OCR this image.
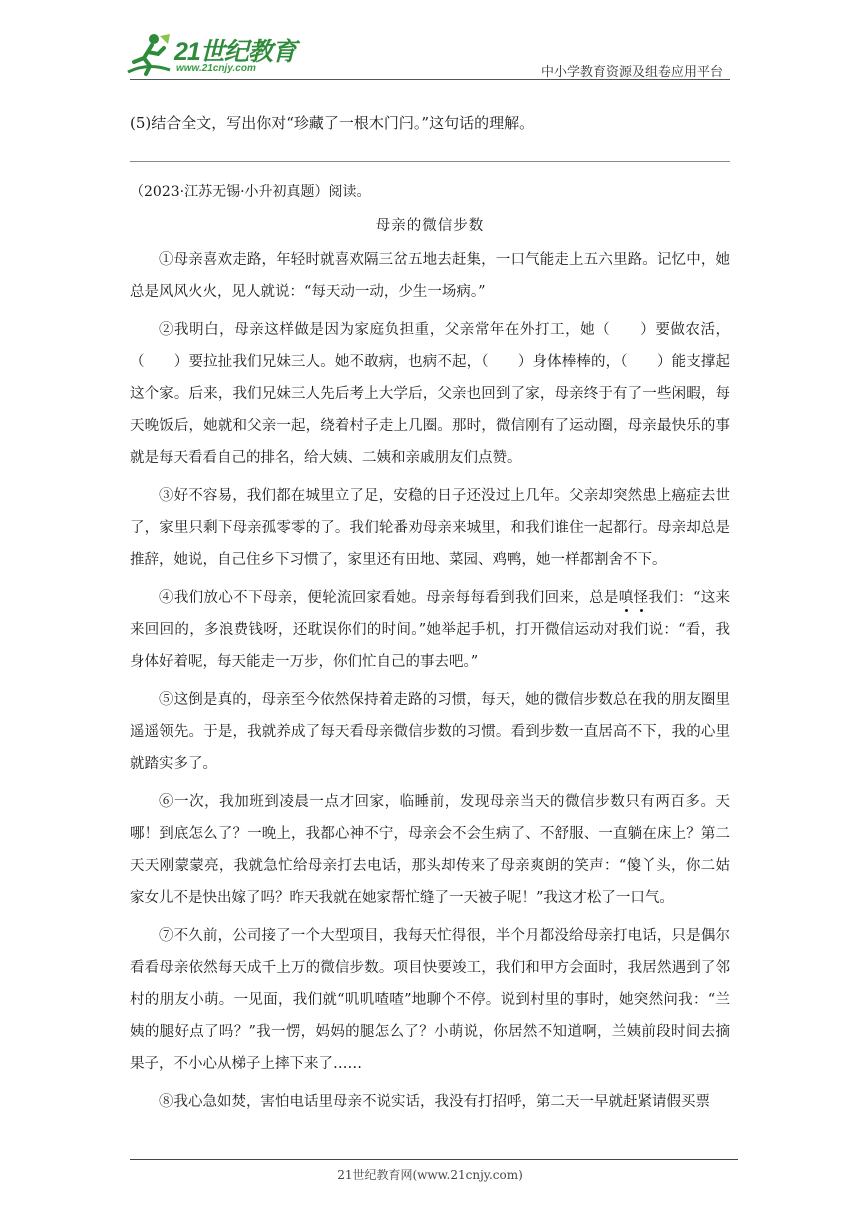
21世纪教育
www.21cnjy.com	中小学教育资源及组卷应用平台
(5)结合全文，写出你对“珍藏了一根木门闩。”这句话的理解。
（2023·江苏无锡·小升初真题）阅读。
母亲的微信步数

①母亲喜欢走路，年轻时就喜欢隔三岔五地去赶集，一口气能走上五六里路。记忆中，她总是风风火火，见人就说：“每天动一动，少生一场病。”

②我明白，母亲这样做是因为家庭负担重，父亲常年在外打工，她（　　）要做农活，（　　）要拉扯我们兄妹三人。她不敢病，也病不起，（　　）身体棒棒的，（　　）能支撑起这个家。后来，我们兄妹三人先后考上大学后，父亲也回到了家，母亲终于有了一些闲暇，每天晚饭后，她就和父亲一起，绕着村子走上几圈。那时，微信刚有了运动圈，母亲最快乐的事就是每天看看自己的排名，给大姨、二姨和亲戚朋友们点赞。

③好不容易，我们都在城里立了足，安稳的日子还没过上几年。父亲却突然患上癌症去世了，家里只剩下母亲孤零零的了。我们轮番劝母亲来城里，和我们谁住一起都行。母亲却总是推辞，她说，自己住乡下习惯了，家里还有田地、菜园、鸡鸭，她一样都割舍不下。

④我们放心不下母亲，便轮流回家看她。母亲每每看到我们回来，总是嗔怪我们：“这来来回回的，多浪费钱呀，还耽误你们的时间。”她举起手机，打开微信运动对我们说：“看，我身体好着呢，每天能走一万步，你们忙自己的事去吧。”

⑤这倒是真的，母亲至今依然保持着走路的习惯，每天，她的微信步数总在我的朋友圈里遥遥领先。于是，我就养成了每天看母亲微信步数的习惯。看到步数一直居高不下，我的心里就踏实多了。

⑥一次，我加班到凌晨一点才回家，临睡前，发现母亲当天的微信步数只有两百多。天哪！到底怎么了？一晚上，我都心神不宁，母亲会不会生病了、不舒服、一直躺在床上？第二天天刚蒙蒙亮，我就急忙给母亲打去电话，那头却传来了母亲爽朗的笑声：“傻丫头，你二姑家女儿不是快出嫁了吗？昨天我就在她家帮忙缝了一天被子呢！”我这才松了一口气。

⑦不久前，公司接了一个大型项目，我每天忙得很，半个月都没给母亲打电话，只是偶尔看看母亲依然每天成千上万的微信步数。项目快要竣工，我们和甲方会面时，我居然遇到了邻村的朋友小萌。一见面，我们就“叽叽喳喳”地聊个不停。说到村里的事时，她突然问我：“兰姨的腿好点了吗？”我一愣，妈妈的腿怎么了？小萌说，你居然不知道啊，兰姨前段时间去摘果子，不小心从梯子上摔下来了……

⑧我心急如焚，害怕电话里母亲不说实话，我没有打招呼，第二天一早就赶紧请假买票

21世纪教育网(www.21cnjy.com)
